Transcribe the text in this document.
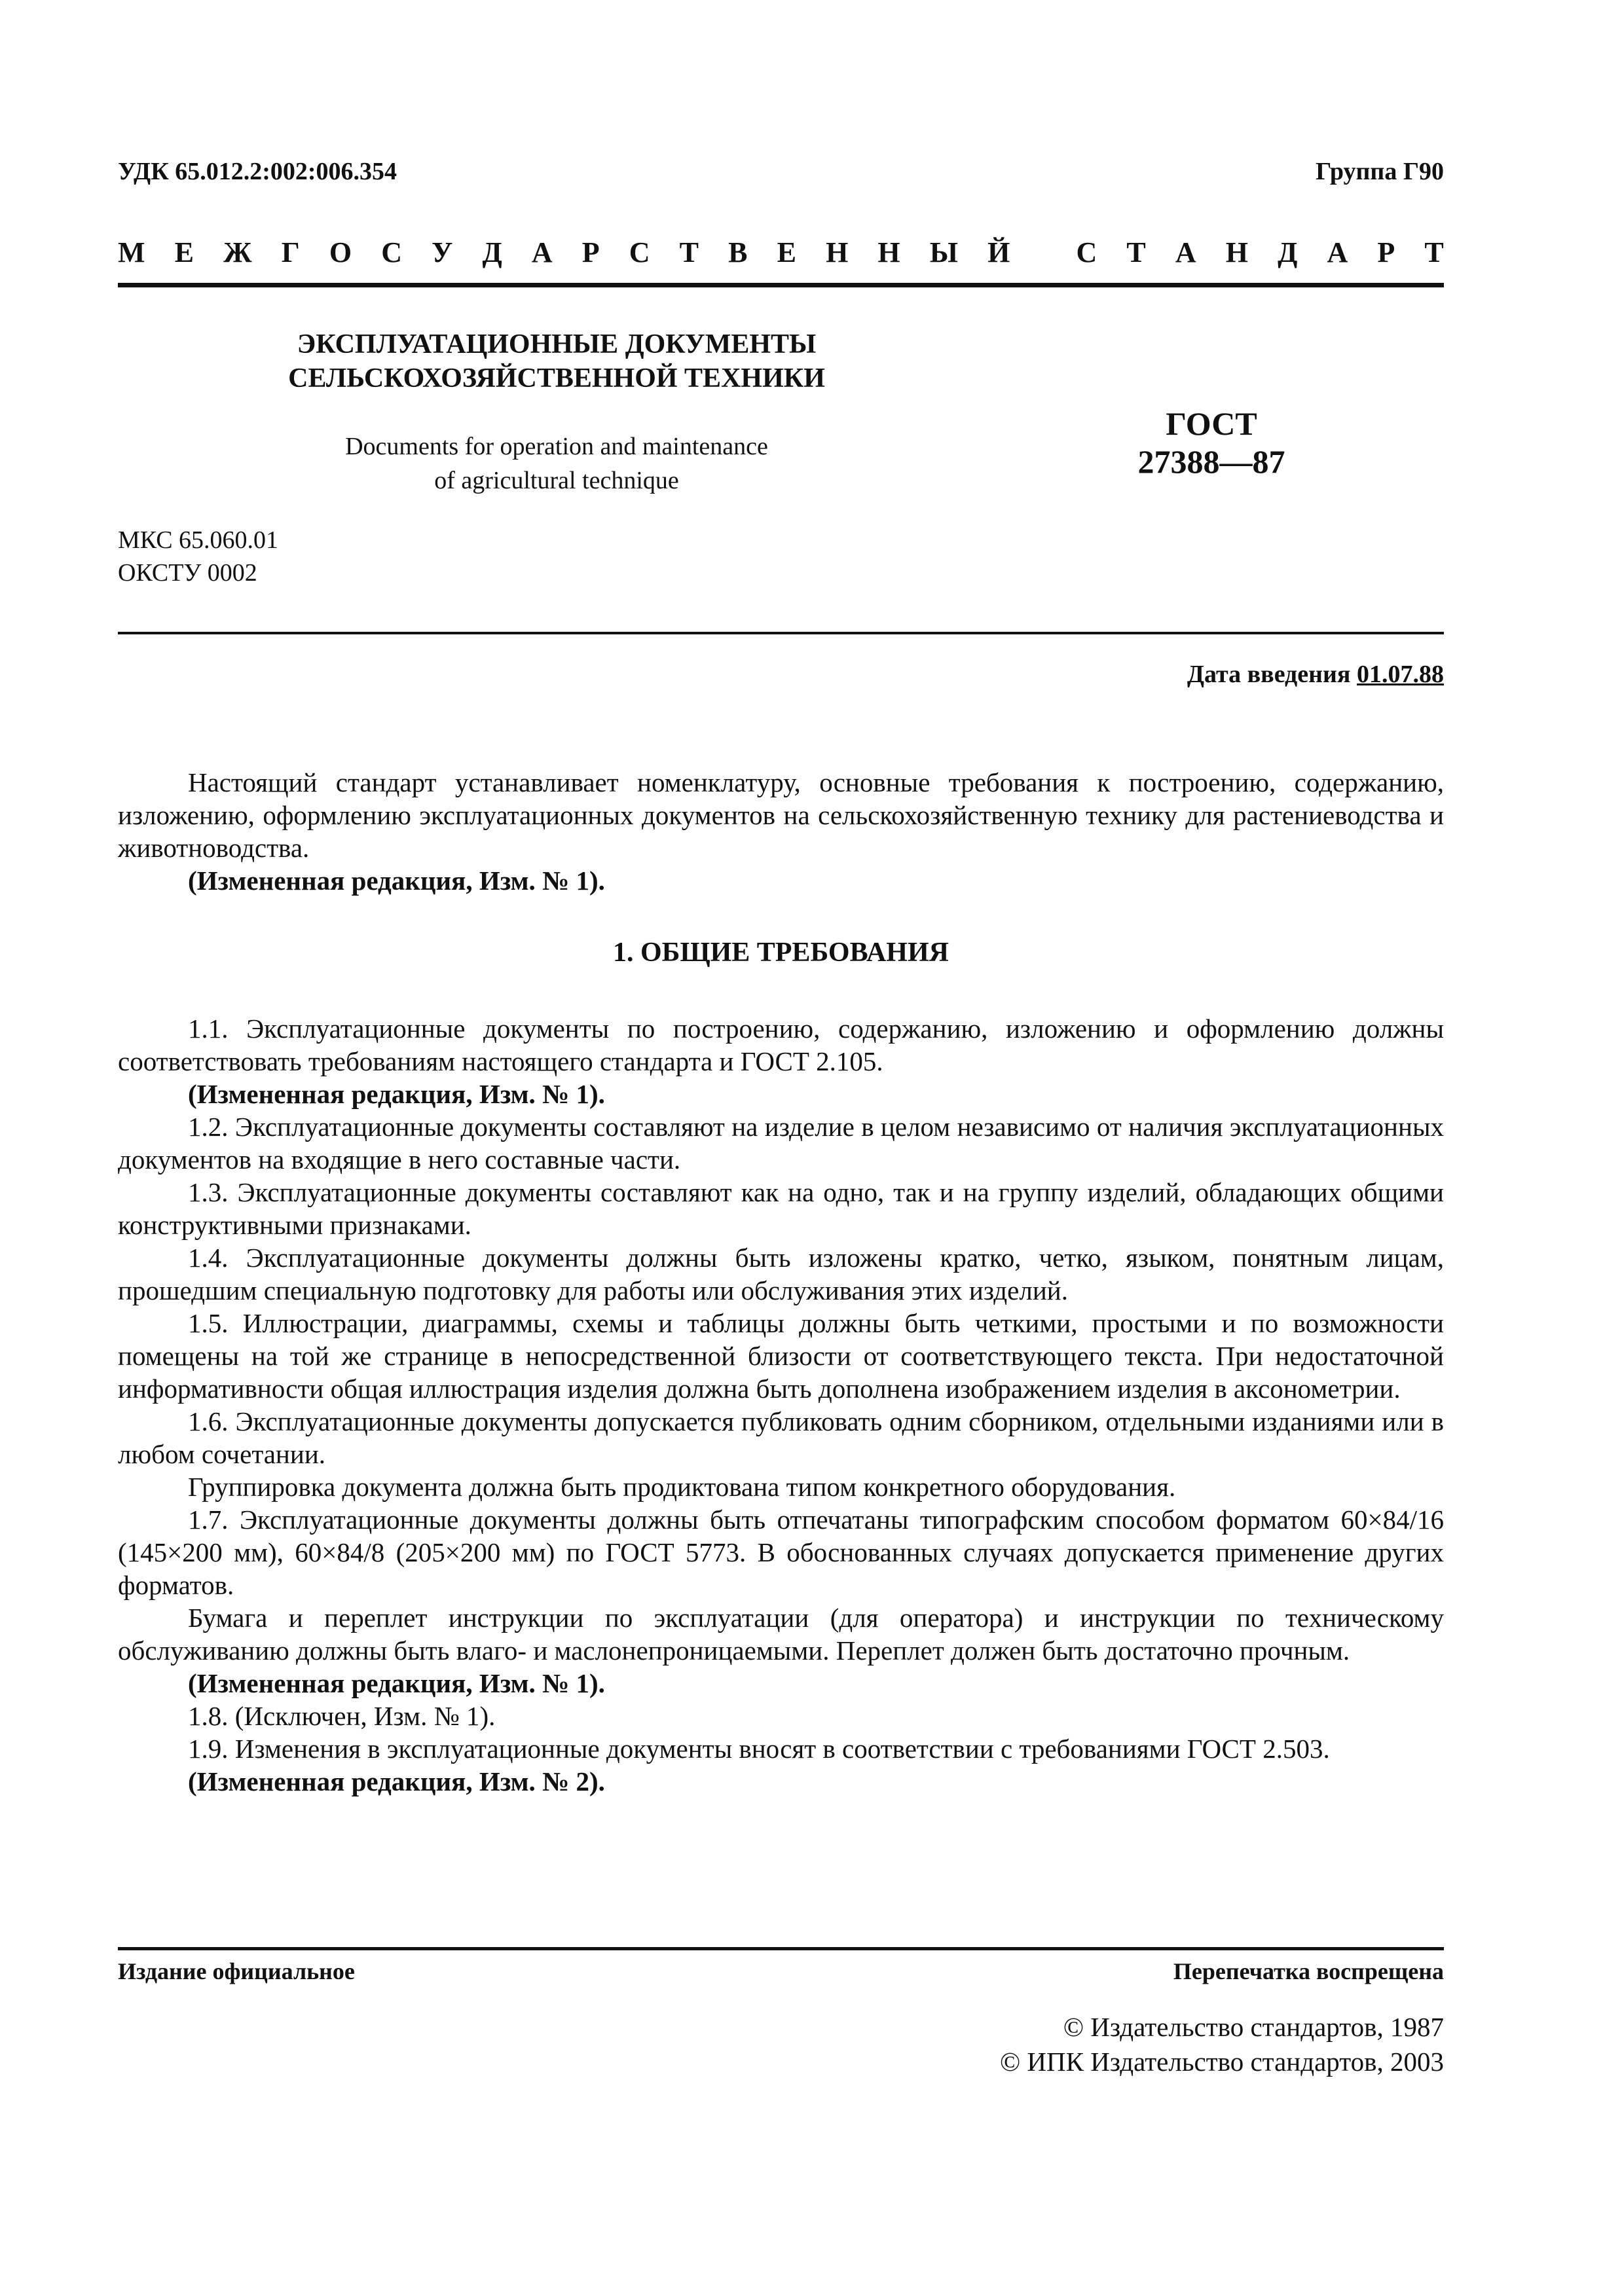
УДК 65.012.2:002:006.354	Группа Г90
М Е Ж Г О С У Д А Р С Т В Е Н Н Ы Й
С Т А Н Д А Р Т
ЭКСПЛУАТАЦИОННЫЕ ДОКУМЕНТЫ
СЕЛЬСКОХОЗЯЙСТВЕННОЙ ТЕХНИКИ
Documents for operation and maintenance
of agricultural technique
ГОСТ
27388—87
МКС 65.060.01
ОКСТУ 0002
Дата введения 01.07.88

Настоящий стандарт устанавливает номенклатуру, основные требования к построению, содержанию, изложению, оформлению эксплуатационных документов на сельскохозяйственную технику для растениеводства и животноводства.

(Измененная редакция, Изм. № 1).

1. ОБЩИЕ ТРЕБОВАНИЯ

1.1. Эксплуатационные документы по построению, содержанию, изложению и оформлению должны соответствовать требованиям настоящего стандарта и ГОСТ 2.105.

(Измененная редакция, Изм. № 1).

1.2. Эксплуатационные документы составляют на изделие в целом независимо от наличия эксплуатационных документов на входящие в него составные части.

1.3. Эксплуатационные документы составляют как на одно, так и на группу изделий, обладающих общими конструктивными признаками.

1.4. Эксплуатационные документы должны быть изложены кратко, четко, языком, понятным лицам, прошедшим специальную подготовку для работы или обслуживания этих изделий.

1.5. Иллюстрации, диаграммы, схемы и таблицы должны быть четкими, простыми и по возможности помещены на той же странице в непосредственной близости от соответствующего текста. При недостаточной информативности общая иллюстрация изделия должна быть дополнена изображением изделия в аксонометрии.

1.6. Эксплуатационные документы допускается публиковать одним сборником, отдельными изданиями или в любом сочетании.

Группировка документа должна быть продиктована типом конкретного оборудования.

1.7. Эксплуатационные документы должны быть отпечатаны типографским способом форматом 60×84/16 (145×200 мм), 60×84/8 (205×200 мм) по ГОСТ 5773. В обоснованных случаях допускается применение других форматов.

Бумага и переплет инструкции по эксплуатации (для оператора) и инструкции по техническому обслуживанию должны быть влаго- и маслонепроницаемыми. Переплет должен быть достаточно прочным.

(Измененная редакция, Изм. № 1).

1.8. (Исключен, Изм. № 1).

1.9. Изменения в эксплуатационные документы вносят в соответствии с требованиями ГОСТ 2.503.

(Измененная редакция, Изм. № 2).

Издание официальное	Перепечатка воспрещена
© Издательство стандартов, 1987
© ИПК Издательство стандартов, 2003
